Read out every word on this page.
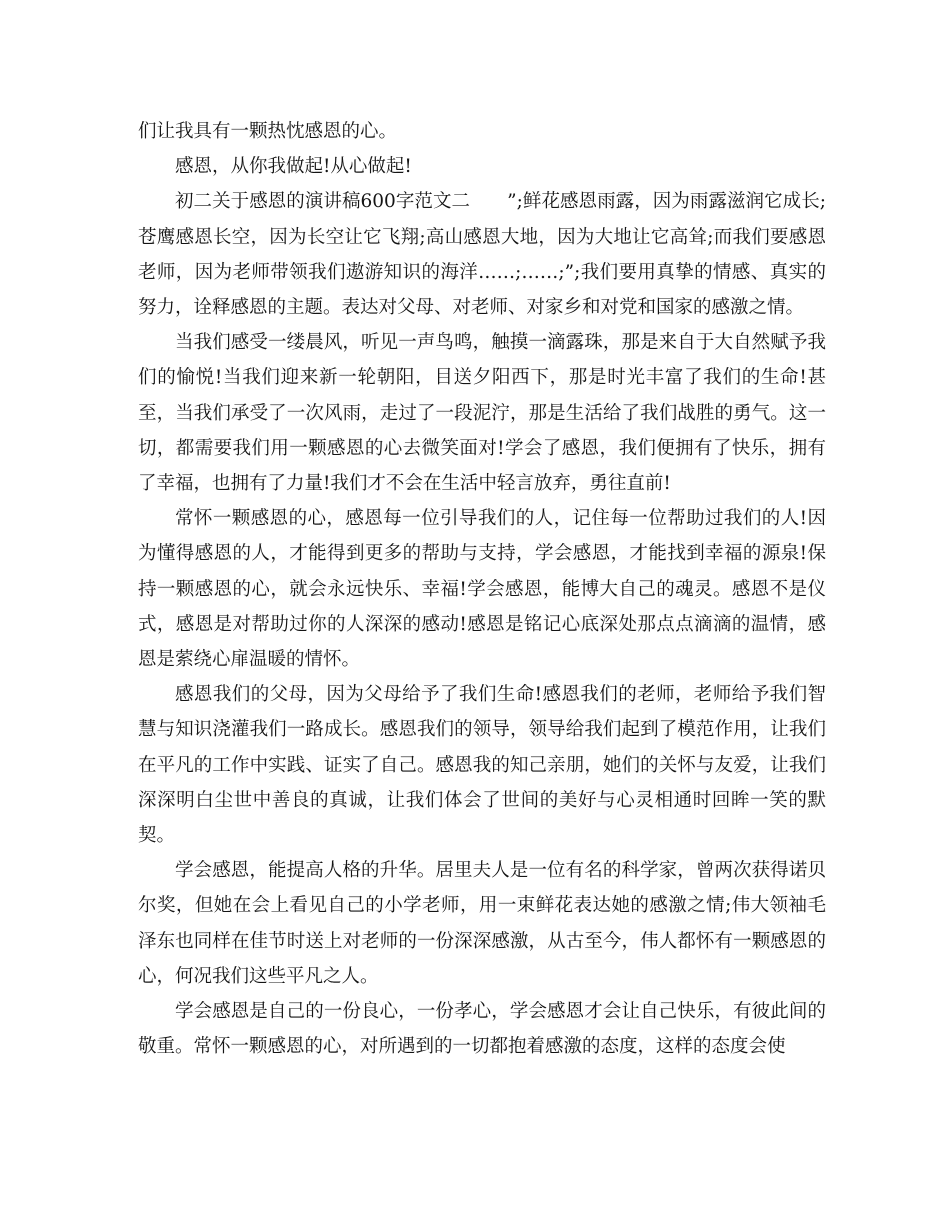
们让我具有一颗热忱感恩的心。

感恩，从你我做起!从心做起!

初二关于感恩的演讲稿600字范文二　　”;鲜花感恩雨露，因为雨露滋润它成长;苍鹰感恩长空，因为长空让它飞翔;高山感恩大地，因为大地让它高耸;而我们要感恩老师，因为老师带领我们遨游知识的海洋……;……;”;我们要用真挚的情感、真实的努力，诠释感恩的主题。表达对父母、对老师、对家乡和对党和国家的感激之情。

当我们感受一缕晨风，听见一声鸟鸣，触摸一滴露珠，那是来自于大自然赋予我们的愉悦!当我们迎来新一轮朝阳，目送夕阳西下，那是时光丰富了我们的生命!甚至，当我们承受了一次风雨，走过了一段泥泞，那是生活给了我们战胜的勇气。这一切，都需要我们用一颗感恩的心去微笑面对!学会了感恩，我们便拥有了快乐，拥有了幸福，也拥有了力量!我们才不会在生活中轻言放弃，勇往直前!

常怀一颗感恩的心，感恩每一位引导我们的人，记住每一位帮助过我们的人!因为懂得感恩的人，才能得到更多的帮助与支持，学会感恩，才能找到幸福的源泉!保持一颗感恩的心，就会永远快乐、幸福!学会感恩，能博大自己的魂灵。感恩不是仪式，感恩是对帮助过你的人深深的感动!感恩是铭记心底深处那点点滴滴的温情，感恩是萦绕心扉温暖的情怀。

感恩我们的父母，因为父母给予了我们生命!感恩我们的老师，老师给予我们智慧与知识浇灌我们一路成长。感恩我们的领导，领导给我们起到了模范作用，让我们在平凡的工作中实践、证实了自己。感恩我的知己亲朋，她们的关怀与友爱，让我们深深明白尘世中善良的真诚，让我们体会了世间的美好与心灵相通时回眸一笑的默契。

学会感恩，能提高人格的升华。居里夫人是一位有名的科学家，曾两次获得诺贝尔奖，但她在会上看见自己的小学老师，用一束鲜花表达她的感激之情;伟大领袖毛泽东也同样在佳节时送上对老师的一份深深感激，从古至今，伟人都怀有一颗感恩的心，何况我们这些平凡之人。

学会感恩是自己的一份良心，一份孝心，学会感恩才会让自己快乐，有彼此间的敬重。常怀一颗感恩的心，对所遇到的一切都抱着感激的态度，这样的态度会使
